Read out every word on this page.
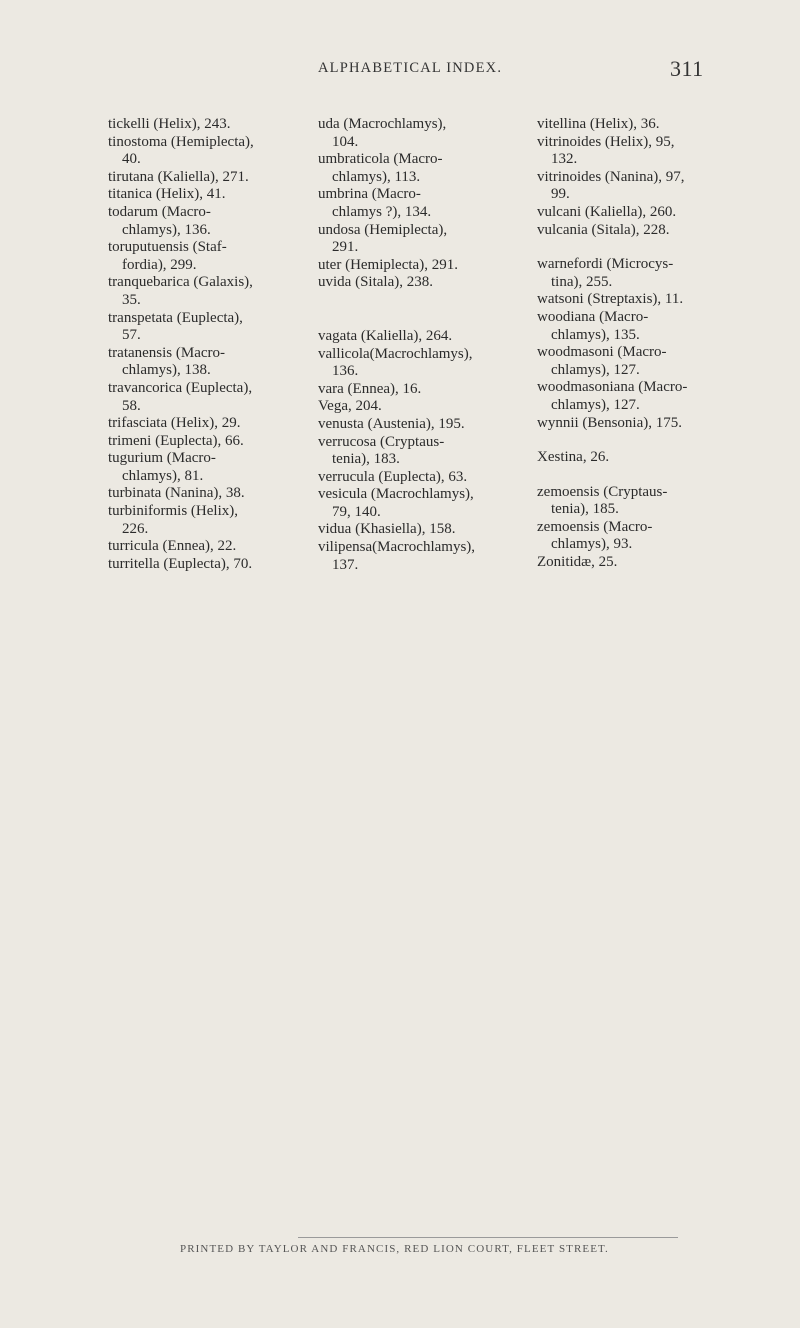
ALPHABETICAL INDEX.	311
tickelli (Helix), 243.
tinostoma (Hemiplecta),
40.
tirutana (Kaliella), 271.
titanica (Helix), 41.
todarum (Macro-
chlamys), 136.
toruputuensis (Staf-
fordia), 299.
tranquebarica (Galaxis),
35.
transpetata (Euplecta),
57.
tratanensis (Macro-
chlamys), 138.
travancorica (Euplecta),
58.
trifasciata (Helix), 29.
trimeni (Euplecta), 66.
tugurium (Macro-
chlamys), 81.
turbinata (Nanina), 38.
turbiniformis (Helix),
226.
turricula (Ennea), 22.
turritella (Euplecta), 70.
uda (Macrochlamys),
104.
umbraticola (Macro-
chlamys), 113.
umbrina (Macro-
chlamys ?), 134.
undosa (Hemiplecta),
291.
uter (Hemiplecta), 291.
uvida (Sitala), 238.
vagata (Kaliella), 264.
vallicola(Macrochlamys),
136.
vara (Ennea), 16.
Vega, 204.
venusta (Austenia), 195.
verrucosa (Cryptaus-
tenia), 183.
verrucula (Euplecta), 63.
vesicula (Macrochlamys),
79, 140.
vidua (Khasiella), 158.
vilipensa(Macrochlamys),
137.
vitellina (Helix), 36.
vitrinoides (Helix), 95,
132.
vitrinoides (Nanina), 97,
99.
vulcani (Kaliella), 260.
vulcania (Sitala), 228.
warnefordi (Microcys-
tina), 255.
watsoni (Streptaxis), 11.
woodiana (Macro-
chlamys), 135.
woodmasoni (Macro-
chlamys), 127.
woodmasoniana (Macro-
chlamys), 127.
wynnii (Bensonia), 175.
Xestina, 26.
zemoensis (Cryptaus-
tenia), 185.
zemoensis (Macro-
chlamys), 93.
Zonitidæ, 25.
PRINTED BY TAYLOR AND FRANCIS, RED LION COURT, FLEET STREET.
